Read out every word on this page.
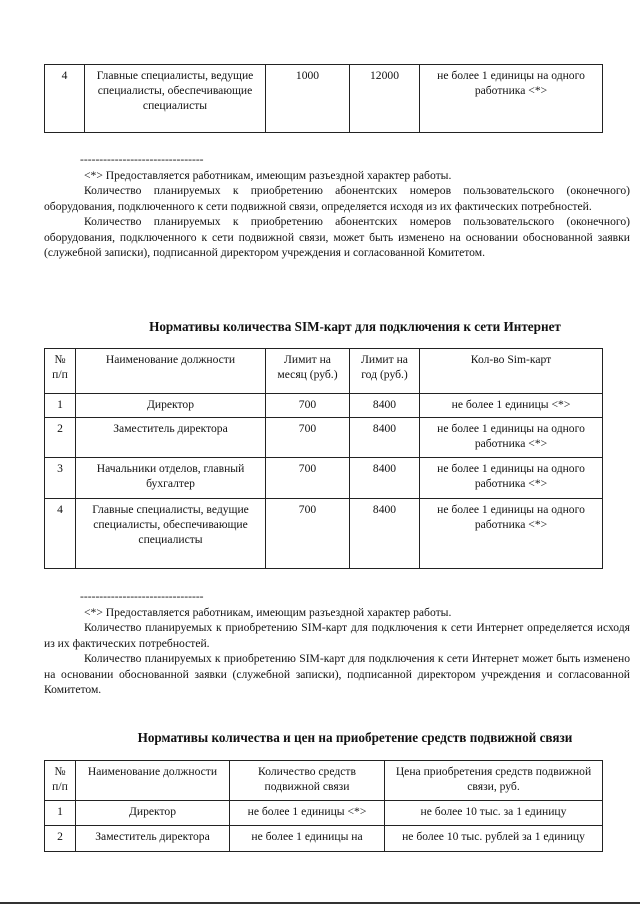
4	Главные специалисты, ведущие специалисты, обеспечивающие специалисты	1000	12000	не более 1 единицы на одного работника <*>
--------------------------------

<*> Предоставляется работникам, имеющим разъездной характер работы.

Количество планируемых к приобретению абонентских номеров пользовательского (оконечного) оборудования, подключенного к сети подвижной связи, определяется исходя из их фактических потребностей.

Количество планируемых к приобретению абонентских номеров пользовательского (оконечного) оборудования, подключенного к сети подвижной связи, может быть изменено на основании обоснованной заявки (служебной записки), подписанной директором учреждения и согласованной Комитетом.

Нормативы количества SIM-карт для подключения к сети Интернет
№ п/п	Наименование должности	Лимит на месяц (руб.)	Лимит на год (руб.)	Кол-во Sim-карт
1	Директор	700	8400	не более 1 единицы <*>
2	Заместитель директора	700	8400	не более 1 единицы на одного работника <*>
3	Начальники отделов, главный бухгалтер	700	8400	не более 1 единицы на одного работника <*>
4	Главные специалисты, ведущие специалисты, обеспечивающие специалисты	700	8400	не более 1 единицы на одного работника <*>
--------------------------------

<*> Предоставляется работникам, имеющим разъездной характер работы.

Количество планируемых к приобретению SIM-карт для подключения к сети Интернет определяется исходя из их фактических потребностей.

Количество планируемых к приобретению SIM-карт для подключения к сети Интернет может быть изменено на основании обоснованной заявки (служебной записки), подписанной директором учреждения и согласованной Комитетом.

Нормативы количества и цен на приобретение средств подвижной связи
№ п/п	Наименование должности	Количество средств подвижной связи	Цена приобретения средств подвижной связи, руб.
1	Директор	не более 1 единицы <*>	не более 10 тыс. за 1 единицу
2	Заместитель директора	не более 1 единицы на	не более 10 тыс. рублей за 1 единицу
